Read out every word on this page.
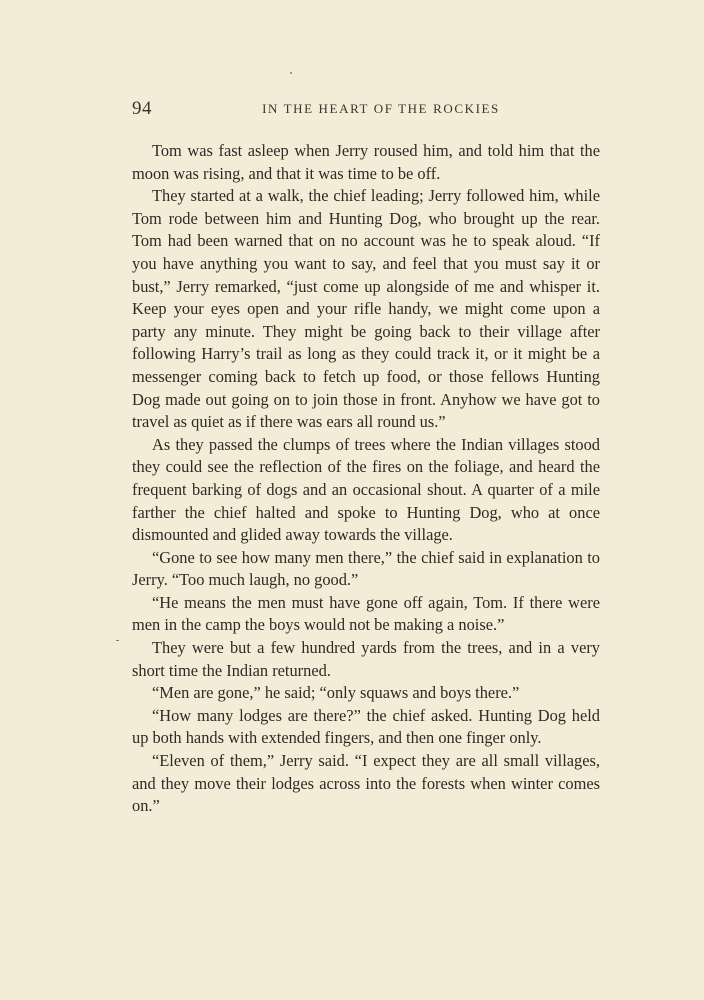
94	IN THE HEART OF THE ROCKIES

Tom was fast asleep when Jerry roused him, and told him that the moon was rising, and that it was time to be off.

They started at a walk, the chief leading; Jerry followed him, while Tom rode between him and Hunting Dog, who brought up the rear. Tom had been warned that on no account was he to speak aloud. “If you have anything you want to say, and feel that you must say it or bust,” Jerry remarked, “just come up alongside of me and whisper it. Keep your eyes open and your rifle handy, we might come upon a party any minute. They might be going back to their village after following Harry’s trail as long as they could track it, or it might be a messenger coming back to fetch up food, or those fellows Hunting Dog made out going on to join those in front. Anyhow we have got to travel as quiet as if there was ears all round us.”

As they passed the clumps of trees where the Indian villages stood they could see the reflection of the fires on the foliage, and heard the frequent barking of dogs and an occasional shout. A quarter of a mile farther the chief halted and spoke to Hunting Dog, who at once dismounted and glided away towards the village.

“Gone to see how many men there,” the chief said in explanation to Jerry. “Too much laugh, no good.”

“He means the men must have gone off again, Tom. If there were men in the camp the boys would not be making a noise.”

They were but a few hundred yards from the trees, and in a very short time the Indian returned.

“Men are gone,” he said; “only squaws and boys there.”

“How many lodges are there?” the chief asked. Hunting Dog held up both hands with extended fingers, and then one finger only.

“Eleven of them,” Jerry said. “I expect they are all small villages, and they move their lodges across into the forests when winter comes on.”
